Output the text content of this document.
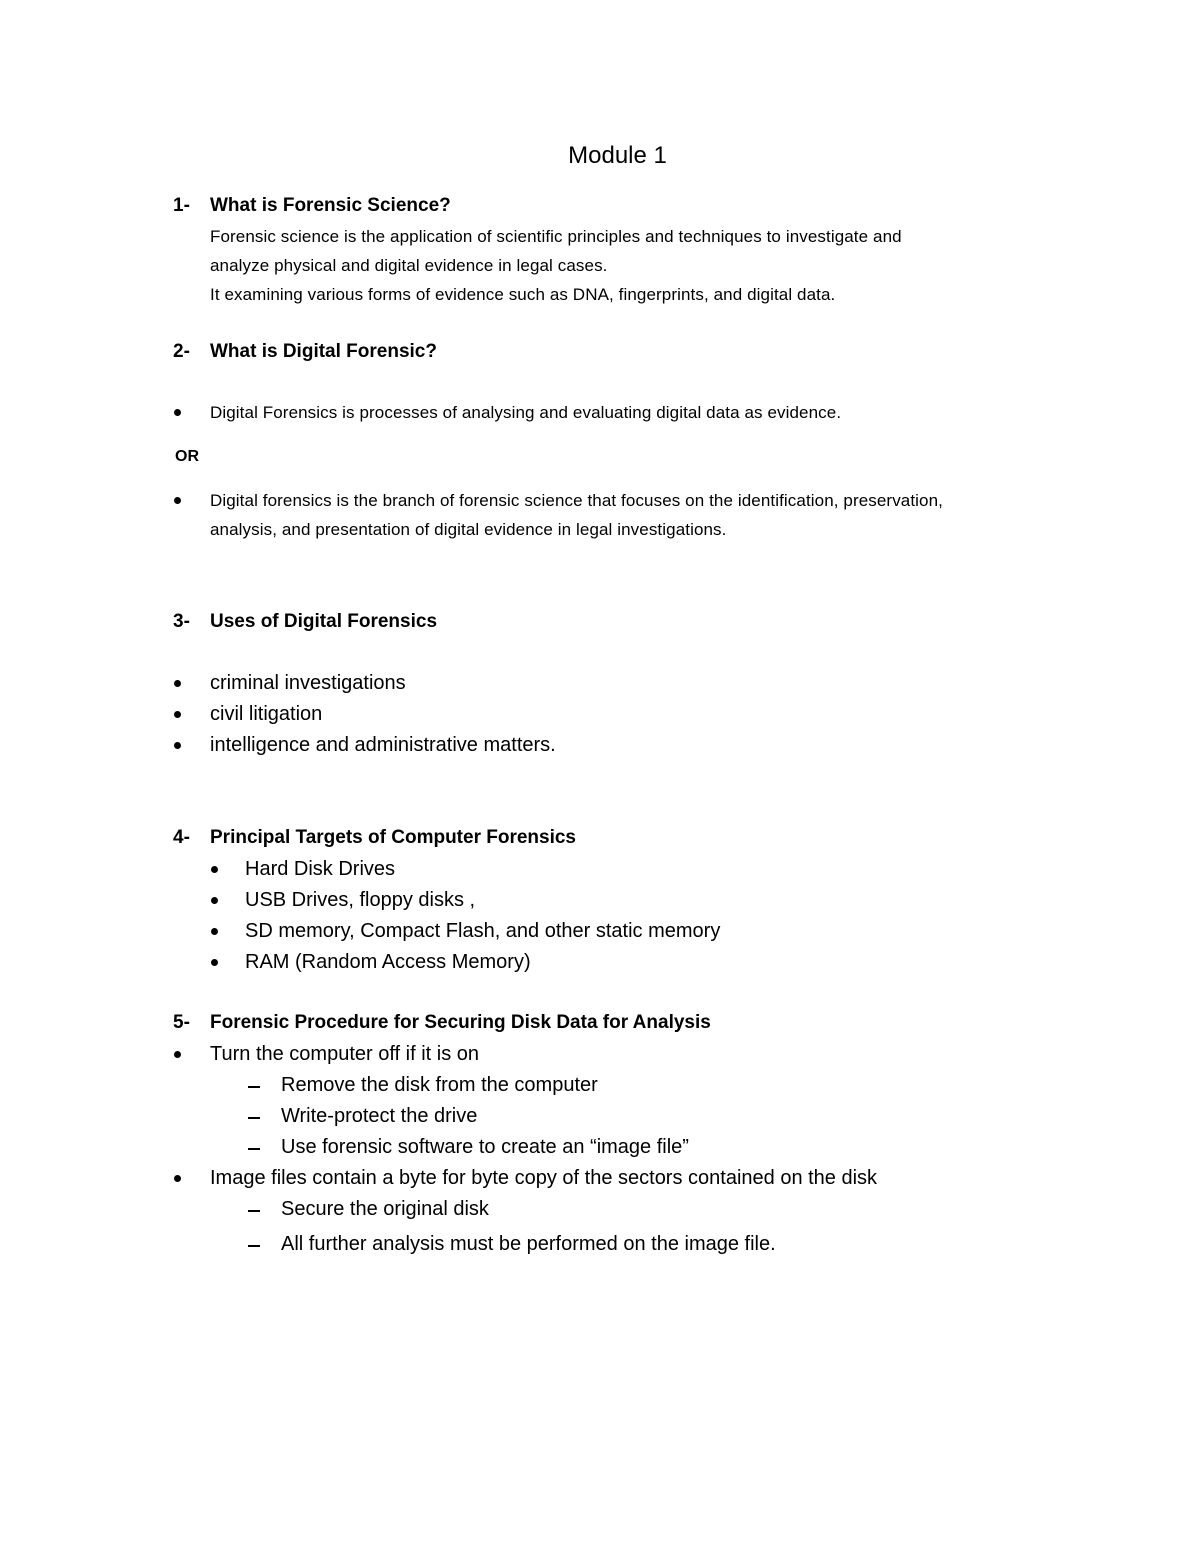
Module 1
1- What is Forensic Science?
Forensic science is the application of scientific principles and techniques to investigate and
analyze physical and digital evidence in legal cases.
It examining various forms of evidence such as DNA, fingerprints, and digital data.
2- What is Digital Forensic?
Digital Forensics is processes of analysing and evaluating digital data as evidence.
OR
Digital forensics is the branch of forensic science that focuses on the identification, preservation,
analysis, and presentation of digital evidence in legal investigations.
3- Uses of Digital Forensics
criminal investigations
civil litigation
intelligence and administrative matters.
4- Principal Targets of Computer Forensics
Hard Disk Drives
USB Drives, floppy disks ,
SD memory, Compact Flash, and other static memory
RAM (Random Access Memory)
5- Forensic Procedure for Securing Disk Data for Analysis
Turn the computer off if it is on
Remove the disk from the computer
Write-protect the drive
Use forensic software to create an “image file”
Image files contain a byte for byte copy of the sectors contained on the disk
Secure the original disk
All further analysis must be performed on the image file.
